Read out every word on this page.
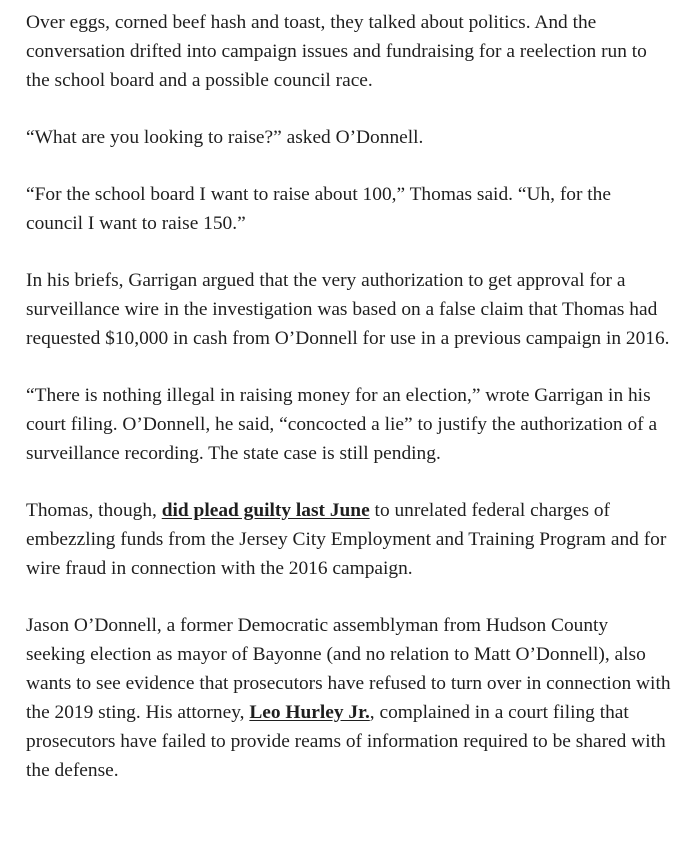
Over eggs, corned beef hash and toast, they talked about politics. And the conversation drifted into campaign issues and fundraising for a reelection run to the school board and a possible council race.

“What are you looking to raise?” asked O’Donnell.

“For the school board I want to raise about 100,” Thomas said. “Uh, for the council I want to raise 150.”

In his briefs, Garrigan argued that the very authorization to get approval for a surveillance wire in the investigation was based on a false claim that Thomas had requested $10,000 in cash from O’Donnell for use in a previous campaign in 2016.

“There is nothing illegal in raising money for an election,” wrote Garrigan in his court filing. O’Donnell, he said, “concocted a lie” to justify the authorization of a surveillance recording. The state case is still pending.

Thomas, though, did plead guilty last June to unrelated federal charges of embezzling funds from the Jersey City Employment and Training Program and for wire fraud in connection with the 2016 campaign.

Jason O’Donnell, a former Democratic assemblyman from Hudson County seeking election as mayor of Bayonne (and no relation to Matt O’Donnell), also wants to see evidence that prosecutors have refused to turn over in connection with the 2019 sting. His attorney, Leo Hurley Jr., complained in a court filing that prosecutors have failed to provide reams of information required to be shared with the defense.
